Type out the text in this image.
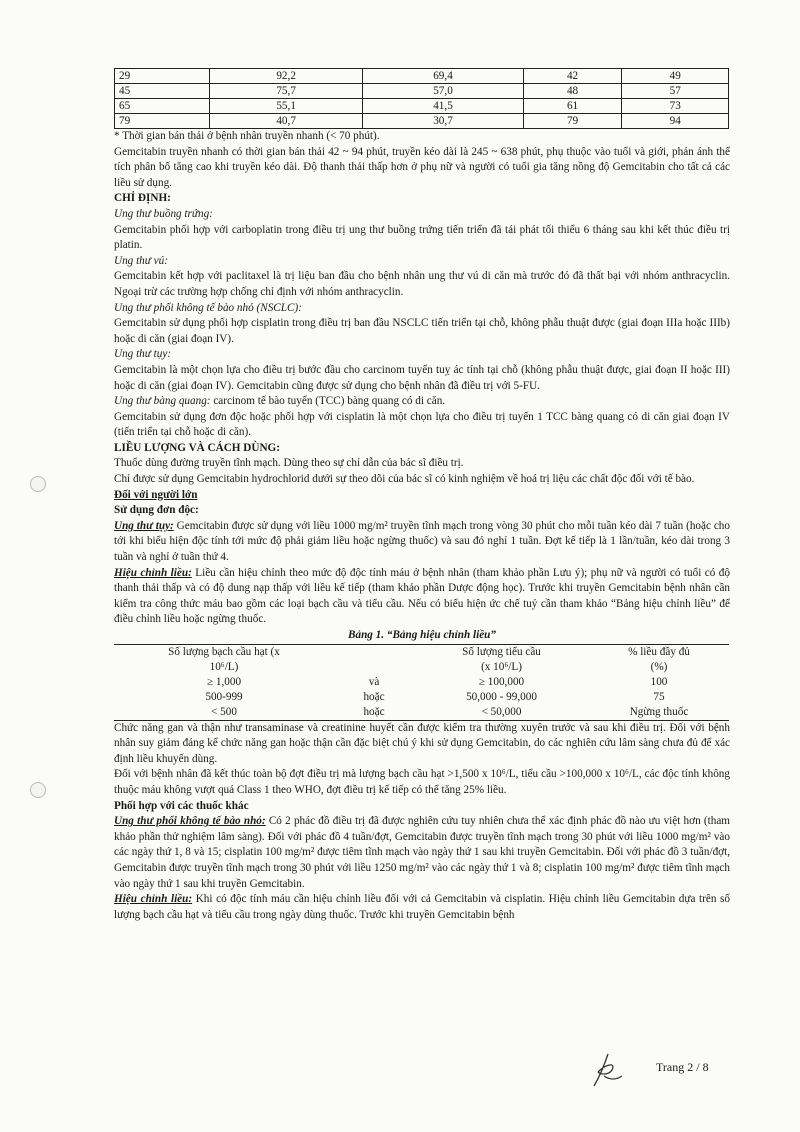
29	92,2	69,4	42	49
45	75,7	57,0	48	57
65	55,1	41,5	61	73
79	40,7	30,7	79	94

* Thời gian bán thải ở bệnh nhân truyền nhanh (< 70 phút).

Gemcitabin truyền nhanh có thời gian bán thải 42 ~ 94 phút, truyền kéo dài là 245 ~ 638 phút, phụ thuộc vào tuổi và giới, phản ánh thể tích phân bố tăng cao khi truyền kéo dài. Độ thanh thải thấp hơn ở phụ nữ và người có tuổi gia tăng nồng độ Gemcitabin cho tất cả các liều sử dụng.

CHỈ ĐỊNH:

Ung thư buồng trứng:

Gemcitabin phối hợp với carboplatin trong điều trị ung thư buồng trứng tiến triển đã tái phát tối thiểu 6 tháng sau khi kết thúc điều trị platin.

Ung thư vú:

Gemcitabin kết hợp với paclitaxel là trị liệu ban đầu cho bệnh nhân ung thư vú di căn mà trước đó đã thất bại với nhóm anthracyclin. Ngoại trừ các trường hợp chống chỉ định với nhóm anthracyclin.

Ung thư phổi không tế bào nhỏ (NSCLC):

Gemcitabin sử dụng phối hợp cisplatin trong điều trị ban đầu NSCLC tiến triển tại chỗ, không phẫu thuật được (giai đoạn IIIa hoặc IIIb) hoặc di căn (giai đoạn IV).

Ung thư tụy:

Gemcitabin là một chọn lựa cho điều trị bước đầu cho carcinom tuyến tuỵ ác tính tại chỗ (không phẫu thuật được, giai đoạn II hoặc III) hoặc di căn (giai đoạn IV). Gemcitabin cũng được sử dụng cho bệnh nhân đã điều trị với 5-FU.

Ung thư bàng quang: carcinom tế bào tuyến (TCC) bàng quang có di căn.

Gemcitabin sử dụng đơn độc hoặc phối hợp với cisplatin là một chọn lựa cho điều trị tuyến 1 TCC bàng quang có di căn giai đoạn IV (tiến triển tại chỗ hoặc di căn).

LIỀU LƯỢNG VÀ CÁCH DÙNG:

Thuốc dùng đường truyền tĩnh mạch. Dùng theo sự chỉ dẫn của bác sĩ điều trị.

Chỉ được sử dụng Gemcitabin hydrochlorid dưới sự theo dõi của bác sĩ có kinh nghiệm về hoá trị liệu các chất độc đối với tế bào.

Đối với người lớn

Sử dụng đơn độc:

Ung thư tụy: Gemcitabin được sử dụng với liều 1000 mg/m² truyền tĩnh mạch trong vòng 30 phút cho mỗi tuần kéo dài 7 tuần (hoặc cho tới khi biểu hiện độc tính tới mức độ phải giảm liều hoặc ngừng thuốc) và sau đó nghỉ 1 tuần. Đợt kế tiếp là 1 lần/tuần, kéo dài trong 3 tuần và nghỉ ở tuần thứ 4.

Hiệu chỉnh liều: Liều cần hiệu chỉnh theo mức độ độc tính máu ở bệnh nhân (tham khảo phần Lưu ý); phụ nữ và người có tuổi có độ thanh thải thấp và có độ dung nạp thấp với liều kế tiếp (tham khảo phần Dược động học). Trước khi truyền Gemcitabin bệnh nhân cần kiểm tra công thức máu bao gồm các loại bạch cầu và tiểu cầu. Nếu có biểu hiện ức chế tuỷ cần tham khảo “Bảng hiệu chỉnh liều” để điều chỉnh liều hoặc ngừng thuốc.

Bảng 1. “Bảng hiệu chỉnh liều”

Số lượng bạch cầu hạt (x		Số lượng tiểu cầu	% liều đầy đủ
10⁶/L)		(x 10⁶/L)	(%)
≥ 1,000	và	≥ 100,000	100
500-999	hoặc	50,000 - 99,000	75
< 500	hoặc	< 50,000	Ngừng thuốc

Chức năng gan và thận như transaminase và creatinine huyết cần được kiểm tra thường xuyên trước và sau khi điều trị. Đối với bệnh nhân suy giảm đáng kể chức năng gan hoặc thận cần đặc biệt chú ý khi sử dụng Gemcitabin, do các nghiên cứu lâm sàng chưa đủ để xác định liều khuyến dùng.

Đối với bệnh nhân đã kết thúc toàn bộ đợt điều trị mà lượng bạch cầu hạt >1,500 x 10⁶/L, tiểu cầu >100,000 x 10⁶/L, các độc tính không thuộc máu không vượt quá Class 1 theo WHO, đợt điều trị kế tiếp có thể tăng 25% liều.

Phối hợp với các thuốc khác

Ung thư phổi không tế bào nhỏ: Có 2 phác đồ điều trị đã được nghiên cứu tuy nhiên chưa thể xác định phác đồ nào ưu việt hơn (tham khảo phần thử nghiệm lâm sàng). Đối với phác đồ 4 tuần/đợt, Gemcitabin được truyền tĩnh mạch trong 30 phút với liều 1000 mg/m² vào các ngày thứ 1, 8 và 15; cisplatin 100 mg/m² được tiêm tĩnh mạch vào ngày thứ 1 sau khi truyền Gemcitabin. Đối với phác đồ 3 tuần/đợt, Gemcitabin được truyền tĩnh mạch trong 30 phút với liều 1250 mg/m² vào các ngày thứ 1 và 8; cisplatin 100 mg/m² được tiêm tĩnh mạch vào ngày thứ 1 sau khi truyền Gemcitabin.

Hiệu chỉnh liều: Khi có độc tính máu cần hiệu chỉnh liều đối với cả Gemcitabin và cisplatin. Hiệu chỉnh liều Gemcitabin dựa trên số lượng bạch cầu hạt và tiểu cầu trong ngày dùng thuốc. Trước khi truyền Gemcitabin bệnh

Trang 2 / 8
